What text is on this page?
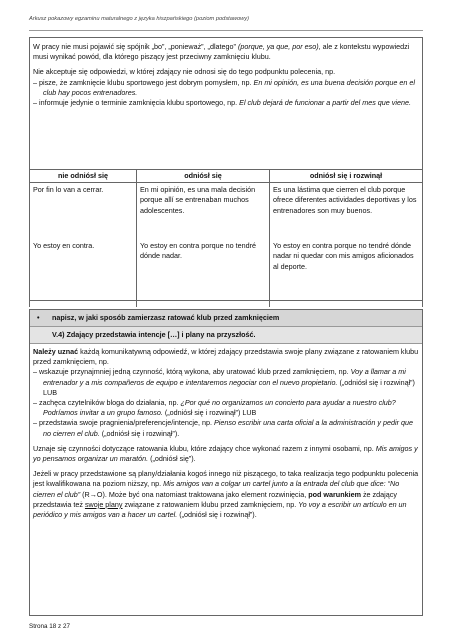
Arkusz pokazowy egzaminu maturalnego z języka hiszpańskiego (poziom podstawowy)

W pracy nie musi pojawić się spójnik „bo”, „ponieważ”, „dlatego” (porque, ya que, por eso), ale z kontekstu wypowiedzi musi wynikać powód, dla którego piszący jest przeciwny zamknięciu klubu.

Nie akceptuje się odpowiedzi, w której zdający nie odnosi się do tego podpunktu polecenia, np.

– pisze, że zamknięcie klubu sportowego jest dobrym pomysłem, np. En mi opinión, es una buena decisión porque en el club hay pocos entrenadores.

– informuje jedynie o terminie zamknięcia klubu sportowego, np. El club dejará de funcionar a partir del mes que viene.

nie odniósł się	odniósł się	odniósł się i rozwinął
Por fin lo van a cerrar.	En mi opinión, es una mala decisión porque allí se entrenaban muchos adolescentes.	Es una lástima que cierren el club porque ofrece diferentes actividades deportivas y los entrenadores son muy buenos.
Yo estoy en contra.	Yo estoy en contra porque no tendré dónde nadar.	Yo estoy en contra porque no tendré dónde nadar ni quedar con mis amigos aficionados al deporte.
• napisz, w jaki sposób zamierzasz ratować klub przed zamknięciem
V.4) Zdający przedstawia intencje […] i plany na przyszłość.

Należy uznać każdą komunikatywną odpowiedź, w której zdający przedstawia swoje plany związane z ratowaniem klubu przed zamknięciem, np.

– wskazuje przynajmniej jedną czynność, którą wykona, aby uratować klub przed zamknięciem, np. Voy a llamar a mi entrenador y a mis compañeros de equipo e intentaremos negociar con el nuevo propietario. („odniósł się i rozwinął”) LUB

– zachęca czytelników bloga do działania, np. ¿Por qué no organizamos un concierto para ayudar a nuestro club? Podríamos invitar a un grupo famoso. („odniósł się i rozwinął”) LUB

– przedstawia swoje pragnienia/preferencje/intencje, np. Pienso escribir una carta oficial a la administración y pedir que no cierren el club. („odniósł się i rozwinął”).

Uznaje się czynności dotyczące ratowania klubu, które zdający chce wykonać razem z innymi osobami, np. Mis amigos y yo pensamos organizar un maratón. („odniósł się”).

Jeżeli w pracy przedstawione są plany/działania kogoś innego niż piszącego, to taka realizacja tego podpunktu polecenia jest kwalifikowana na poziom niższy, np. Mis amigos van a colgar un cartel junto a la entrada del club que dice: “No cierren el club” (R→O). Może być ona natomiast traktowana jako element rozwinięcia, pod warunkiem że zdający przedstawia też swoje plany związane z ratowaniem klubu przed zamknięciem, np. Yo voy a escribir un artículo en un periódico y mis amigos van a hacer un cartel. („odniósł się i rozwinął”).

Strona 18 z 27
